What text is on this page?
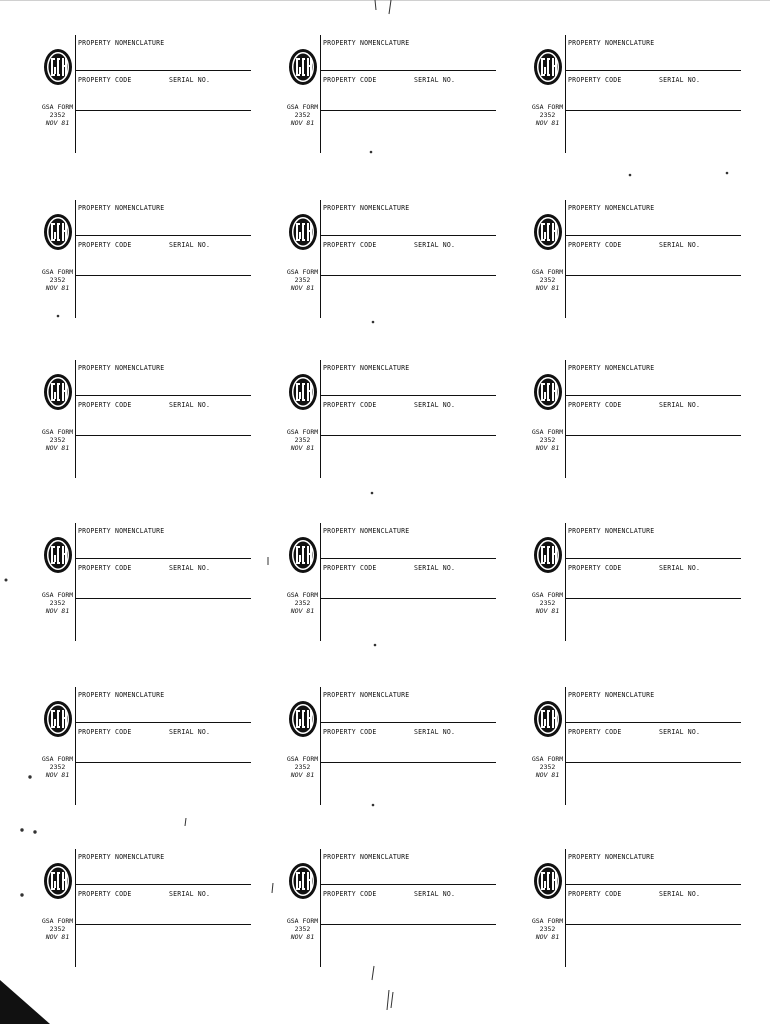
PROPERTY NOMENCLATURE
PROPERTY CODE	SERIAL NO.
GSA FORM
2352
NOV 81
PROPERTY NOMENCLATURE
PROPERTY CODE	SERIAL NO.
GSA FORM
2352
NOV 81
PROPERTY NOMENCLATURE
PROPERTY CODE	SERIAL NO.
GSA FORM
2352
NOV 81
PROPERTY NOMENCLATURE
PROPERTY CODE	SERIAL NO.
GSA FORM
2352
NOV 81
PROPERTY NOMENCLATURE
PROPERTY CODE	SERIAL NO.
GSA FORM
2352
NOV 81
PROPERTY NOMENCLATURE
PROPERTY CODE	SERIAL NO.
GSA FORM
2352
NOV 81
PROPERTY NOMENCLATURE
PROPERTY CODE	SERIAL NO.
GSA FORM
2352
NOV 81
PROPERTY NOMENCLATURE
PROPERTY CODE	SERIAL NO.
GSA FORM
2352
NOV 81
PROPERTY NOMENCLATURE
PROPERTY CODE	SERIAL NO.
GSA FORM
2352
NOV 81
PROPERTY NOMENCLATURE
PROPERTY CODE	SERIAL NO.
GSA FORM
2352
NOV 81
PROPERTY NOMENCLATURE
PROPERTY CODE	SERIAL NO.
GSA FORM
2352
NOV 81
PROPERTY NOMENCLATURE
PROPERTY CODE	SERIAL NO.
GSA FORM
2352
NOV 81
PROPERTY NOMENCLATURE
PROPERTY CODE	SERIAL NO.
GSA FORM
2352
NOV 81
PROPERTY NOMENCLATURE
PROPERTY CODE	SERIAL NO.
GSA FORM
2352
NOV 81
PROPERTY NOMENCLATURE
PROPERTY CODE	SERIAL NO.
GSA FORM
2352
NOV 81
PROPERTY NOMENCLATURE
PROPERTY CODE	SERIAL NO.
GSA FORM
2352
NOV 81
PROPERTY NOMENCLATURE
PROPERTY CODE	SERIAL NO.
GSA FORM
2352
NOV 81
PROPERTY NOMENCLATURE
PROPERTY CODE	SERIAL NO.
GSA FORM
2352
NOV 81
